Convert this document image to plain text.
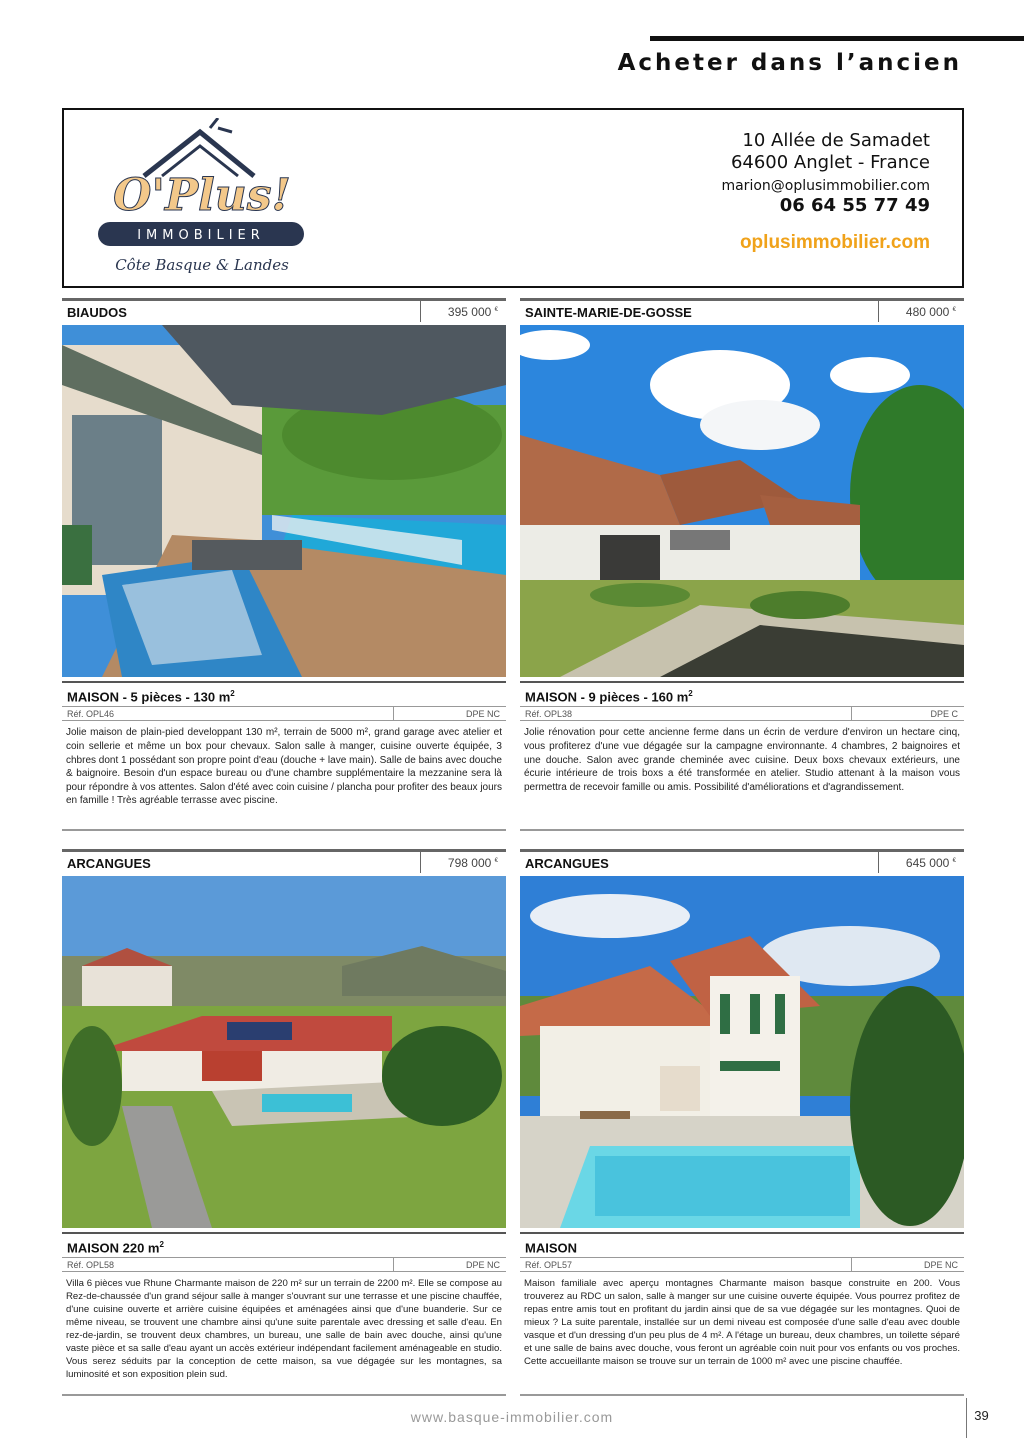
Acheter dans l’ancien
O'Plus!
IMMOBILIER
Côte Basque & Landes
10 Allée de Samadet
64600 Anglet - France
marion@oplusimmobilier.com
06 64 55 77 49
oplusimmobilier.com
BIAUDOS	395 000 €
MAISON - 5 pièces - 130 $m^2$
Réf. OPL46	DPE NC
Jolie maison de plain-pied developpant 130 m², terrain de 5000 m², grand garage avec atelier et coin sellerie et même un box pour chevaux. Salon salle à manger, cuisine ouverte équipée, 3 chbres dont 1 possédant son propre point d'eau (douche + lave main). Salle de bains avec douche & baignoire. Besoin d'un espace bureau ou d'une chambre supplémentaire la mezzanine sera là pour répondre à vos attentes. Salon d'été avec coin cuisine / plancha pour profiter des beaux jours en famille ! Très agréable terrasse avec piscine.
SAINTE-MARIE-DE-GOSSE	480 000 €
MAISON - 9 pièces - 160 $m^2$
Réf. OPL38	DPE C
Jolie rénovation pour cette ancienne ferme dans un écrin de verdure d'environ un hectare cinq, vous profiterez d'une vue dégagée sur la campagne environnante. 4 chambres, 2 baignoires et une douche. Salon avec grande cheminée avec cuisine. Deux boxs chevaux extérieurs, une écurie intérieure de trois boxs a été transformée en atelier. Studio attenant à la maison vous permettra de recevoir famille ou amis. Possibilité d'améliorations et d'agrandissement.
ARCANGUES	798 000 €
MAISON 220 $m^2$
Réf. OPL58	DPE NC
Villa 6 pièces vue Rhune Charmante maison de 220 m² sur un terrain de 2200 m². Elle se compose au Rez-de-chaussée d'un grand séjour salle à manger s'ouvrant sur une terrasse et une piscine chauffée, d'une cuisine ouverte et arrière cuisine équipées et aménagées ainsi que d'une buanderie. Sur ce même niveau, se trouvent une chambre ainsi qu'une suite parentale avec dressing et salle d'eau. En rez-de-jardin, se trouvent deux chambres, un bureau, une salle de bain avec douche, ainsi qu'une vaste pièce et sa salle d'eau ayant un accès extérieur indépendant facilement aménageable en studio. Vous serez séduits par la conception de cette maison, sa vue dégagée sur les montagnes, sa luminosité et son exposition plein sud.
ARCANGUES	645 000 €
MAISON
Réf. OPL57	DPE NC
Maison familiale avec aperçu montagnes Charmante maison basque construite en 200. Vous trouverez au RDC un salon, salle à manger sur une cuisine ouverte équipée. Vous pourrez profitez de repas entre amis tout en profitant du jardin ainsi que de sa vue dégagée sur les montagnes. Quoi de mieux ? La suite parentale, installée sur un demi niveau est composée d'une salle d'eau avec double vasque et d'un dressing d'un peu plus de 4 m². A l'étage un bureau, deux chambres, un toilette séparé et une salle de bains avec douche, vous feront un agréable coin nuit pour vos enfants ou vos proches. Cette accueillante maison se trouve sur un terrain de 1000 m² avec une piscine chauffée.
www.basque-immobilier.com	39
